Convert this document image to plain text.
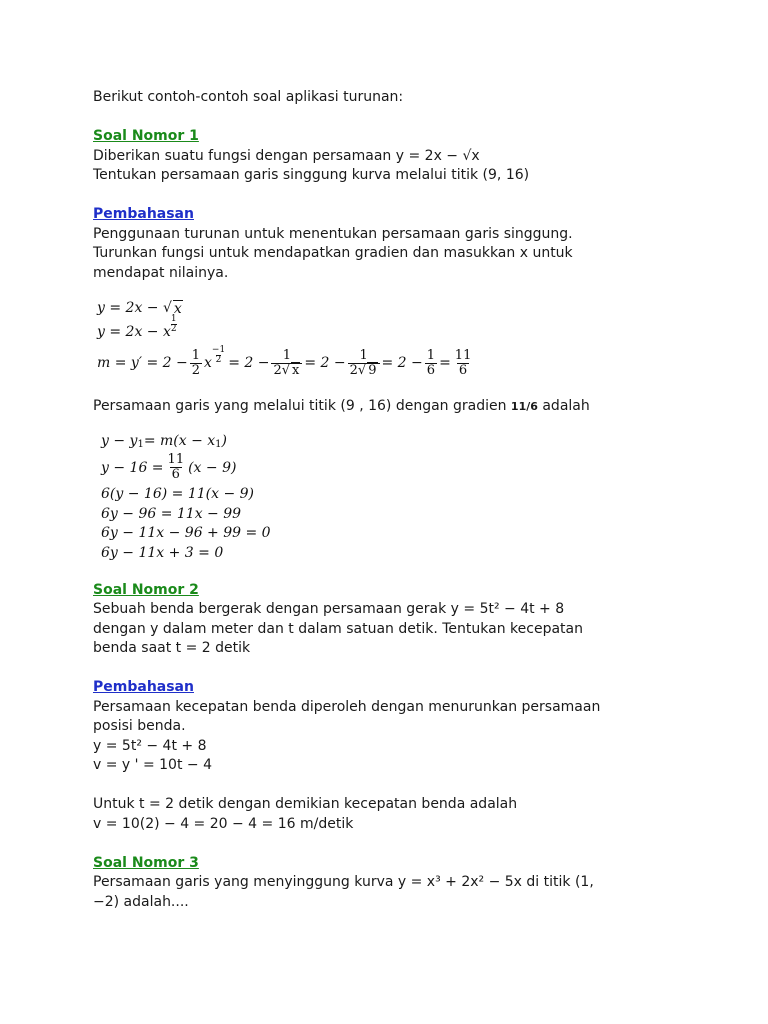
Berikut contoh-contoh soal aplikasi turunan:
Soal Nomor 1
Diberikan suatu fungsi dengan persamaan y = 2x − √x
Tentukan persamaan garis singgung kurva melalui titik (9, 16)
Pembahasan
Penggunaan turunan untuk menentukan persamaan garis singgung.
Turunkan fungsi untuk mendapatkan gradien dan masukkan x untuk
mendapat nilainya.
y = 2x − √ x
y = 2x − x $\frac{1}{2}$
$m = y' = 2 - \frac{1}{2}$ x $\frac{-1}{2} = 2 - \frac{1}{2√ x} = 2 - \frac{1}{2√ 9} = 2 - \frac{1}{6} = \frac{11}{6}$
Persamaan garis yang melalui titik (9 , 16) dengan gradien 11/6 adalah
y − y 1 = m(x − x 1 )
$y - 16 = \frac{11}{6} (x - 9)$
6(y − 16) = 11(x − 9)
6y − 96 = 11x − 99
6y − 11x − 96 + 99 = 0
6y − 11x + 3 = 0
Soal Nomor 2
Sebuah benda bergerak dengan persamaan gerak y = 5t² − 4t + 8
dengan y dalam meter dan t dalam satuan detik. Tentukan kecepatan
benda saat t = 2 detik
Pembahasan
Persamaan kecepatan benda diperoleh dengan menurunkan persamaan
posisi benda.
y = 5t² − 4t + 8
v = y ' = 10t − 4
Untuk t = 2 detik dengan demikian kecepatan benda adalah
v = 10(2) − 4 = 20 − 4 = 16 m/detik
Soal Nomor 3
Persamaan garis yang menyinggung kurva y = x³ + 2x² − 5x di titik (1,
−2) adalah....
